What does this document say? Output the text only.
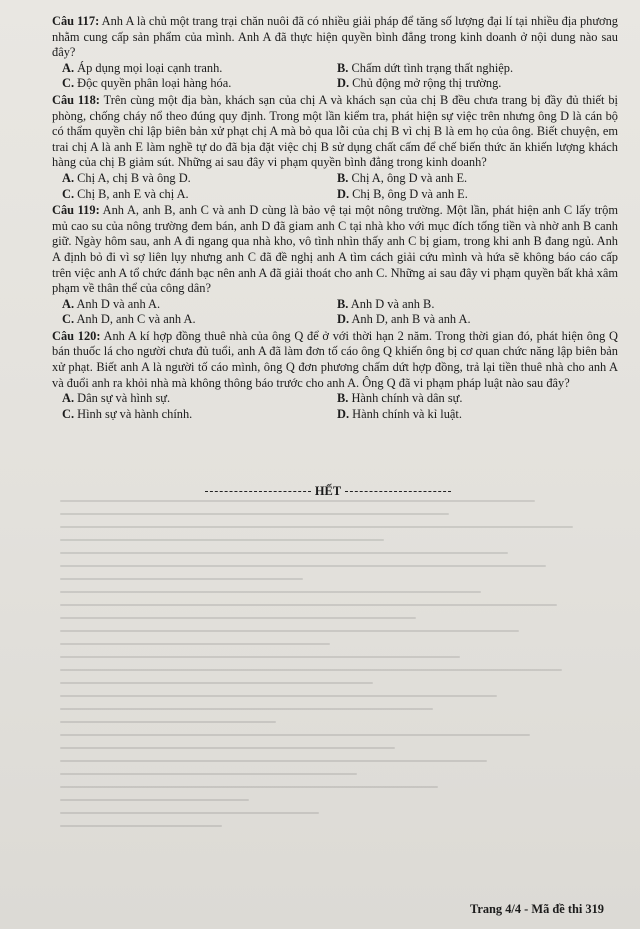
Câu 117: Anh A là chủ một trang trại chăn nuôi đã có nhiều giải pháp để tăng số lượng đại lí tại nhiều địa phương nhằm cung cấp sản phẩm của mình. Anh A đã thực hiện quyền bình đẳng trong kinh doanh ở nội dung nào sau đây?
A. Áp dụng mọi loại cạnh tranh.	B. Chấm dứt tình trạng thất nghiệp.
C. Độc quyền phân loại hàng hóa.	D. Chủ động mở rộng thị trường.
Câu 118: Trên cùng một địa bàn, khách sạn của chị A và khách sạn của chị B đều chưa trang bị đầy đủ thiết bị phòng, chống cháy nổ theo đúng quy định. Trong một lần kiểm tra, phát hiện sự việc trên nhưng ông D là cán bộ có thẩm quyền chỉ lập biên bản xử phạt chị A mà bỏ qua lỗi của chị B vì chị B là em họ của ông. Biết chuyện, em trai chị A là anh E làm nghề tự do đã bịa đặt việc chị B sử dụng chất cấm để chế biến thức ăn khiến lượng khách hàng của chị B giảm sút. Những ai sau đây vi phạm quyền bình đẳng trong kinh doanh?
A. Chị A, chị B và ông D.	B. Chị A, ông D và anh E.
C. Chị B, anh E và chị A.	D. Chị B, ông D và anh E.
Câu 119: Anh A, anh B, anh C và anh D cùng là bảo vệ tại một nông trường. Một lần, phát hiện anh C lấy trộm mủ cao su của nông trường đem bán, anh D đã giam anh C tại nhà kho với mục đích tống tiền và nhờ anh B canh giữ. Ngày hôm sau, anh A đi ngang qua nhà kho, vô tình nhìn thấy anh C bị giam, trong khi anh B đang ngủ. Anh A định bỏ đi vì sợ liên lụy nhưng anh C đã đề nghị anh A tìm cách giải cứu mình và hứa sẽ không báo cáo cấp trên việc anh A tổ chức đánh bạc nên anh A đã giải thoát cho anh C. Những ai sau đây vi phạm quyền bất khả xâm phạm về thân thể của công dân?
A. Anh D và anh A.	B. Anh D và anh B.
C. Anh D, anh C và anh A.	D. Anh D, anh B và anh A.
Câu 120: Anh A kí hợp đồng thuê nhà của ông Q để ở với thời hạn 2 năm. Trong thời gian đó, phát hiện ông Q bán thuốc lá cho người chưa đủ tuổi, anh A đã làm đơn tố cáo ông Q khiến ông bị cơ quan chức năng lập biên bản xử phạt. Biết anh A là người tố cáo mình, ông Q đơn phương chấm dứt hợp đồng, trả lại tiền thuê nhà cho anh A và đuổi anh ra khỏi nhà mà không thông báo trước cho anh A. Ông Q đã vi phạm pháp luật nào sau đây?
A. Dân sự và hình sự.	B. Hành chính và dân sự.
C. Hình sự và hành chính.	D. Hành chính và kỉ luật.
HẾT
Trang 4/4 - Mã đề thi 319
